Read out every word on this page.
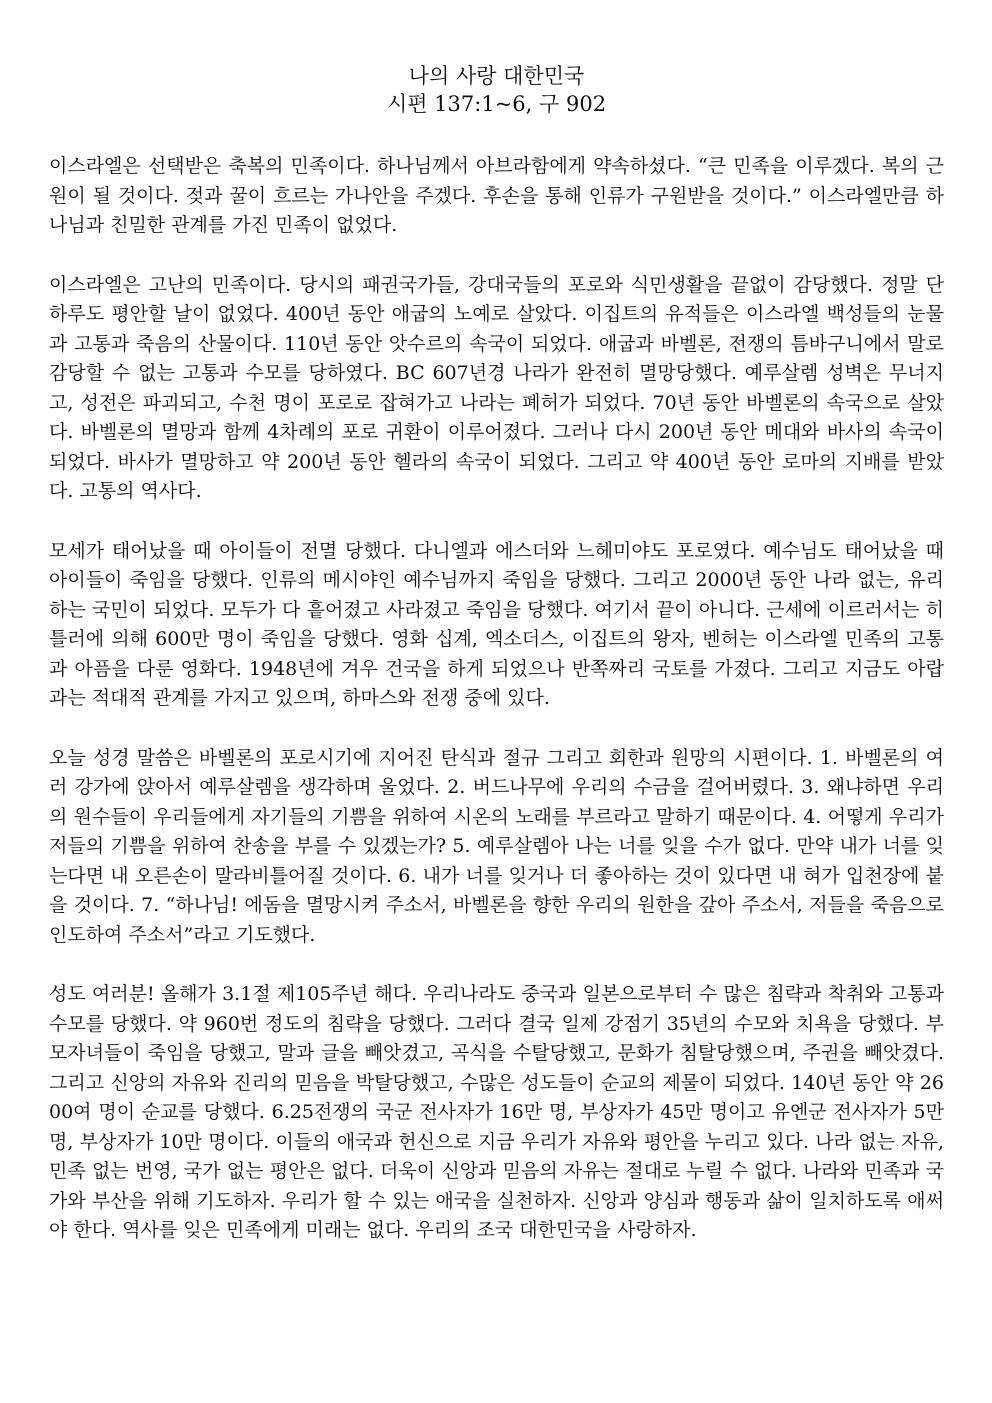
나의 사랑 대한민국
시편 137:1~6, 구 902

이스라엘은 선택받은 축복의 민족이다. 하나님께서 아브라함에게 약속하셨다. “큰 민족을 이루겠다. 복의 근원이 될 것이다. 젖과 꿀이 흐르는 가나안을 주겠다. 후손을 통해 인류가 구원받을 것이다.” 이스라엘만큼 하나님과 친밀한 관계를 가진 민족이 없었다.

이스라엘은 고난의 민족이다. 당시의 패권국가들, 강대국들의 포로와 식민생활을 끝없이 감당했다. 정말 단 하루도 평안할 날이 없었다. 400년 동안 애굽의 노예로 살았다. 이집트의 유적들은 이스라엘 백성들의 눈물과 고통과 죽음의 산물이다. 110년 동안 앗수르의 속국이 되었다. 애굽과 바벨론, 전쟁의 틈바구니에서 말로 감당할 수 없는 고통과 수모를 당하였다. BC 607년경 나라가 완전히 멸망당했다. 예루살렘 성벽은 무너지고, 성전은 파괴되고, 수천 명이 포로로 잡혀가고 나라는 폐허가 되었다. 70년 동안 바벨론의 속국으로 살았다. 바벨론의 멸망과 함께 4차례의 포로 귀환이 이루어졌다. 그러나 다시 200년 동안 메대와 바사의 속국이 되었다. 바사가 멸망하고 약 200년 동안 헬라의 속국이 되었다. 그리고 약 400년 동안 로마의 지배를 받았다. 고통의 역사다.

모세가 태어났을 때 아이들이 전멸 당했다. 다니엘과 에스더와 느헤미야도 포로였다. 예수님도 태어났을 때 아이들이 죽임을 당했다. 인류의 메시야인 예수님까지 죽임을 당했다. 그리고 2000년 동안 나라 없는, 유리하는 국민이 되었다. 모두가 다 흩어졌고 사라졌고 죽임을 당했다. 여기서 끝이 아니다. 근세에 이르러서는 히틀러에 의해 600만 명이 죽임을 당했다. 영화 십계, 엑소더스, 이집트의 왕자, 벤허는 이스라엘 민족의 고통과 아픔을 다룬 영화다. 1948년에 겨우 건국을 하게 되었으나 반쪽짜리 국토를 가졌다. 그리고 지금도 아랍과는 적대적 관계를 가지고 있으며, 하마스와 전쟁 중에 있다.

오늘 성경 말씀은 바벨론의 포로시기에 지어진 탄식과 절규 그리고 회한과 원망의 시편이다. 1. 바벨론의 여러 강가에 앉아서 예루살렘을 생각하며 울었다. 2. 버드나무에 우리의 수금을 걸어버렸다. 3. 왜냐하면 우리의 원수들이 우리들에게 자기들의 기쁨을 위하여 시온의 노래를 부르라고 말하기 때문이다. 4. 어떻게 우리가 저들의 기쁨을 위하여 찬송을 부를 수 있겠는가? 5. 예루살렘아 나는 너를 잊을 수가 없다. 만약 내가 너를 잊는다면 내 오른손이 말라비틀어질 것이다. 6. 내가 너를 잊거나 더 좋아하는 것이 있다면 내 혀가 입천장에 붙을 것이다. 7. “하나님! 에돔을 멸망시켜 주소서, 바벨론을 향한 우리의 원한을 갚아 주소서, 저들을 죽음으로 인도하여 주소서”라고 기도했다.

성도 여러분! 올해가 3.1절 제105주년 해다. 우리나라도 중국과 일본으로부터 수 많은 침략과 착취와 고통과 수모를 당했다. 약 960번 정도의 침략을 당했다. 그러다 결국 일제 강점기 35년의 수모와 치욕을 당했다. 부모자녀들이 죽임을 당했고, 말과 글을 빼앗겼고, 곡식을 수탈당했고, 문화가 침탈당했으며, 주권을 빼앗겼다. 그리고 신앙의 자유와 진리의 믿음을 박탈당했고, 수많은 성도들이 순교의 제물이 되었다. 140년 동안 약 2600여 명이 순교를 당했다. 6.25전쟁의 국군 전사자가 16만 명, 부상자가 45만 명이고 유엔군 전사자가 5만 명, 부상자가 10만 명이다. 이들의 애국과 헌신으로 지금 우리가 자유와 평안을 누리고 있다. 나라 없는 자유, 민족 없는 번영, 국가 없는 평안은 없다. 더욱이 신앙과 믿음의 자유는 절대로 누릴 수 없다. 나라와 민족과 국가와 부산을 위해 기도하자. 우리가 할 수 있는 애국을 실천하자. 신앙과 양심과 행동과 삶이 일치하도록 애써야 한다. 역사를 잊은 민족에게 미래는 없다. 우리의 조국 대한민국을 사랑하자.
